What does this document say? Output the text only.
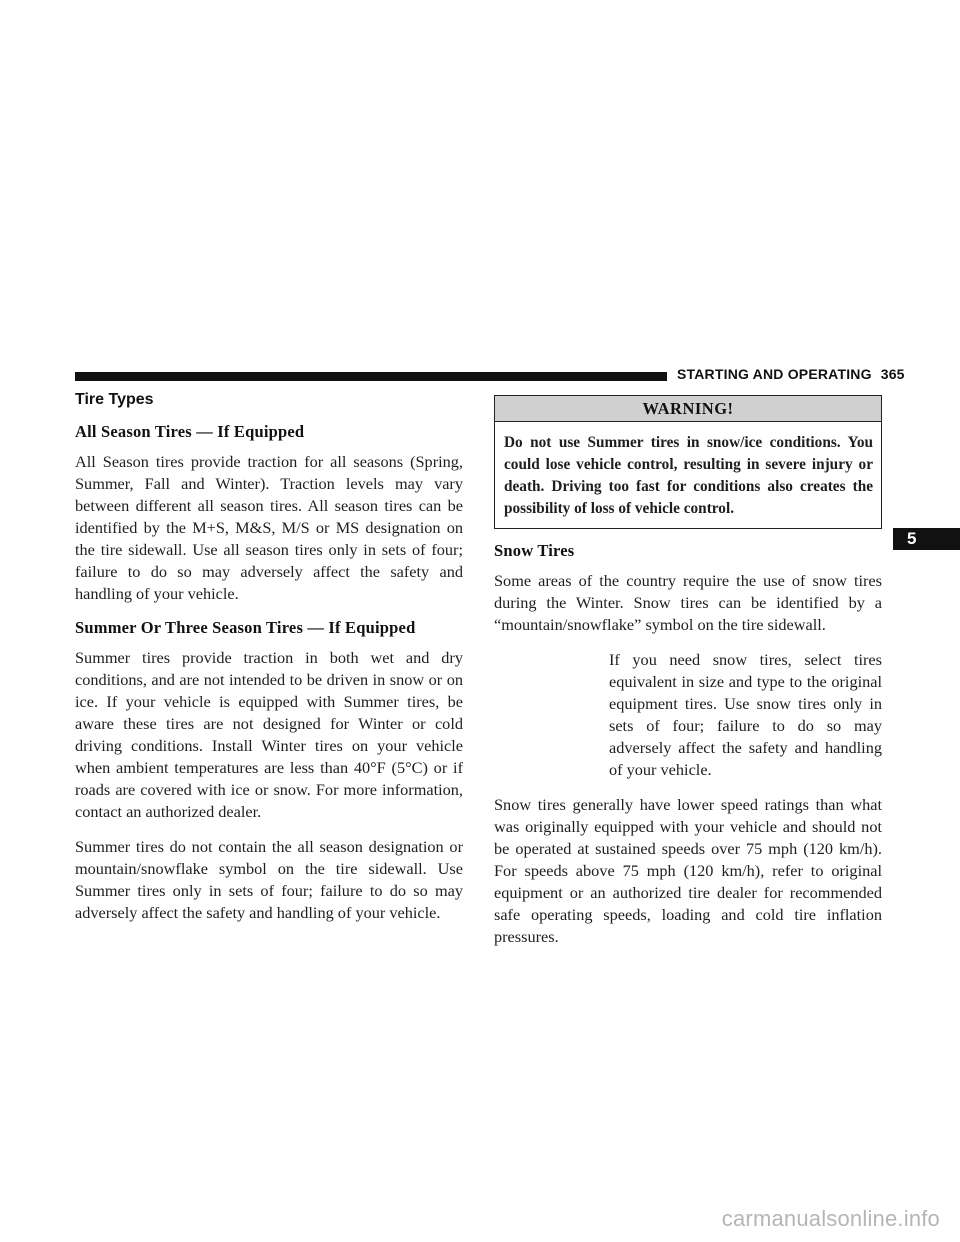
STARTING AND OPERATING 365
Tire Types
All Season Tires — If Equipped

All Season tires provide traction for all seasons (Spring, Summer, Fall and Winter). Traction levels may vary between different all season tires. All season tires can be identified by the M+S, M&S, M/S or MS designation on the tire sidewall. Use all season tires only in sets of four; failure to do so may adversely affect the safety and handling of your vehicle.

Summer Or Three Season Tires — If Equipped

Summer tires provide traction in both wet and dry conditions, and are not intended to be driven in snow or on ice. If your vehicle is equipped with Summer tires, be aware these tires are not designed for Winter or cold driving conditions. Install Winter tires on your vehicle when ambient temperatures are less than 40°F (5°C) or if roads are covered with ice or snow. For more information, contact an authorized dealer.

Summer tires do not contain the all season designation or mountain/snowflake symbol on the tire sidewall. Use Summer tires only in sets of four; failure to do so may adversely affect the safety and handling of your vehicle.

WARNING!
Do not use Summer tires in snow/ice conditions. You could lose vehicle control, resulting in severe injury or death. Driving too fast for conditions also creates the possibility of loss of vehicle control.
Snow Tires

Some areas of the country require the use of snow tires during the Winter. Snow tires can be identified by a “mountain/snowflake” symbol on the tire sidewall.

If you need snow tires, select tires equivalent in size and type to the original equipment tires. Use snow tires only in sets of four; failure to do so may adversely affect the safety and handling of your vehicle.

Snow tires generally have lower speed ratings than what was originally equipped with your vehicle and should not be operated at sustained speeds over 75 mph (120 km/h). For speeds above 75 mph (120 km/h), refer to original equipment or an authorized tire dealer for recommended safe operating speeds, loading and cold tire inflation pressures.

5
carmanualsonline.info
